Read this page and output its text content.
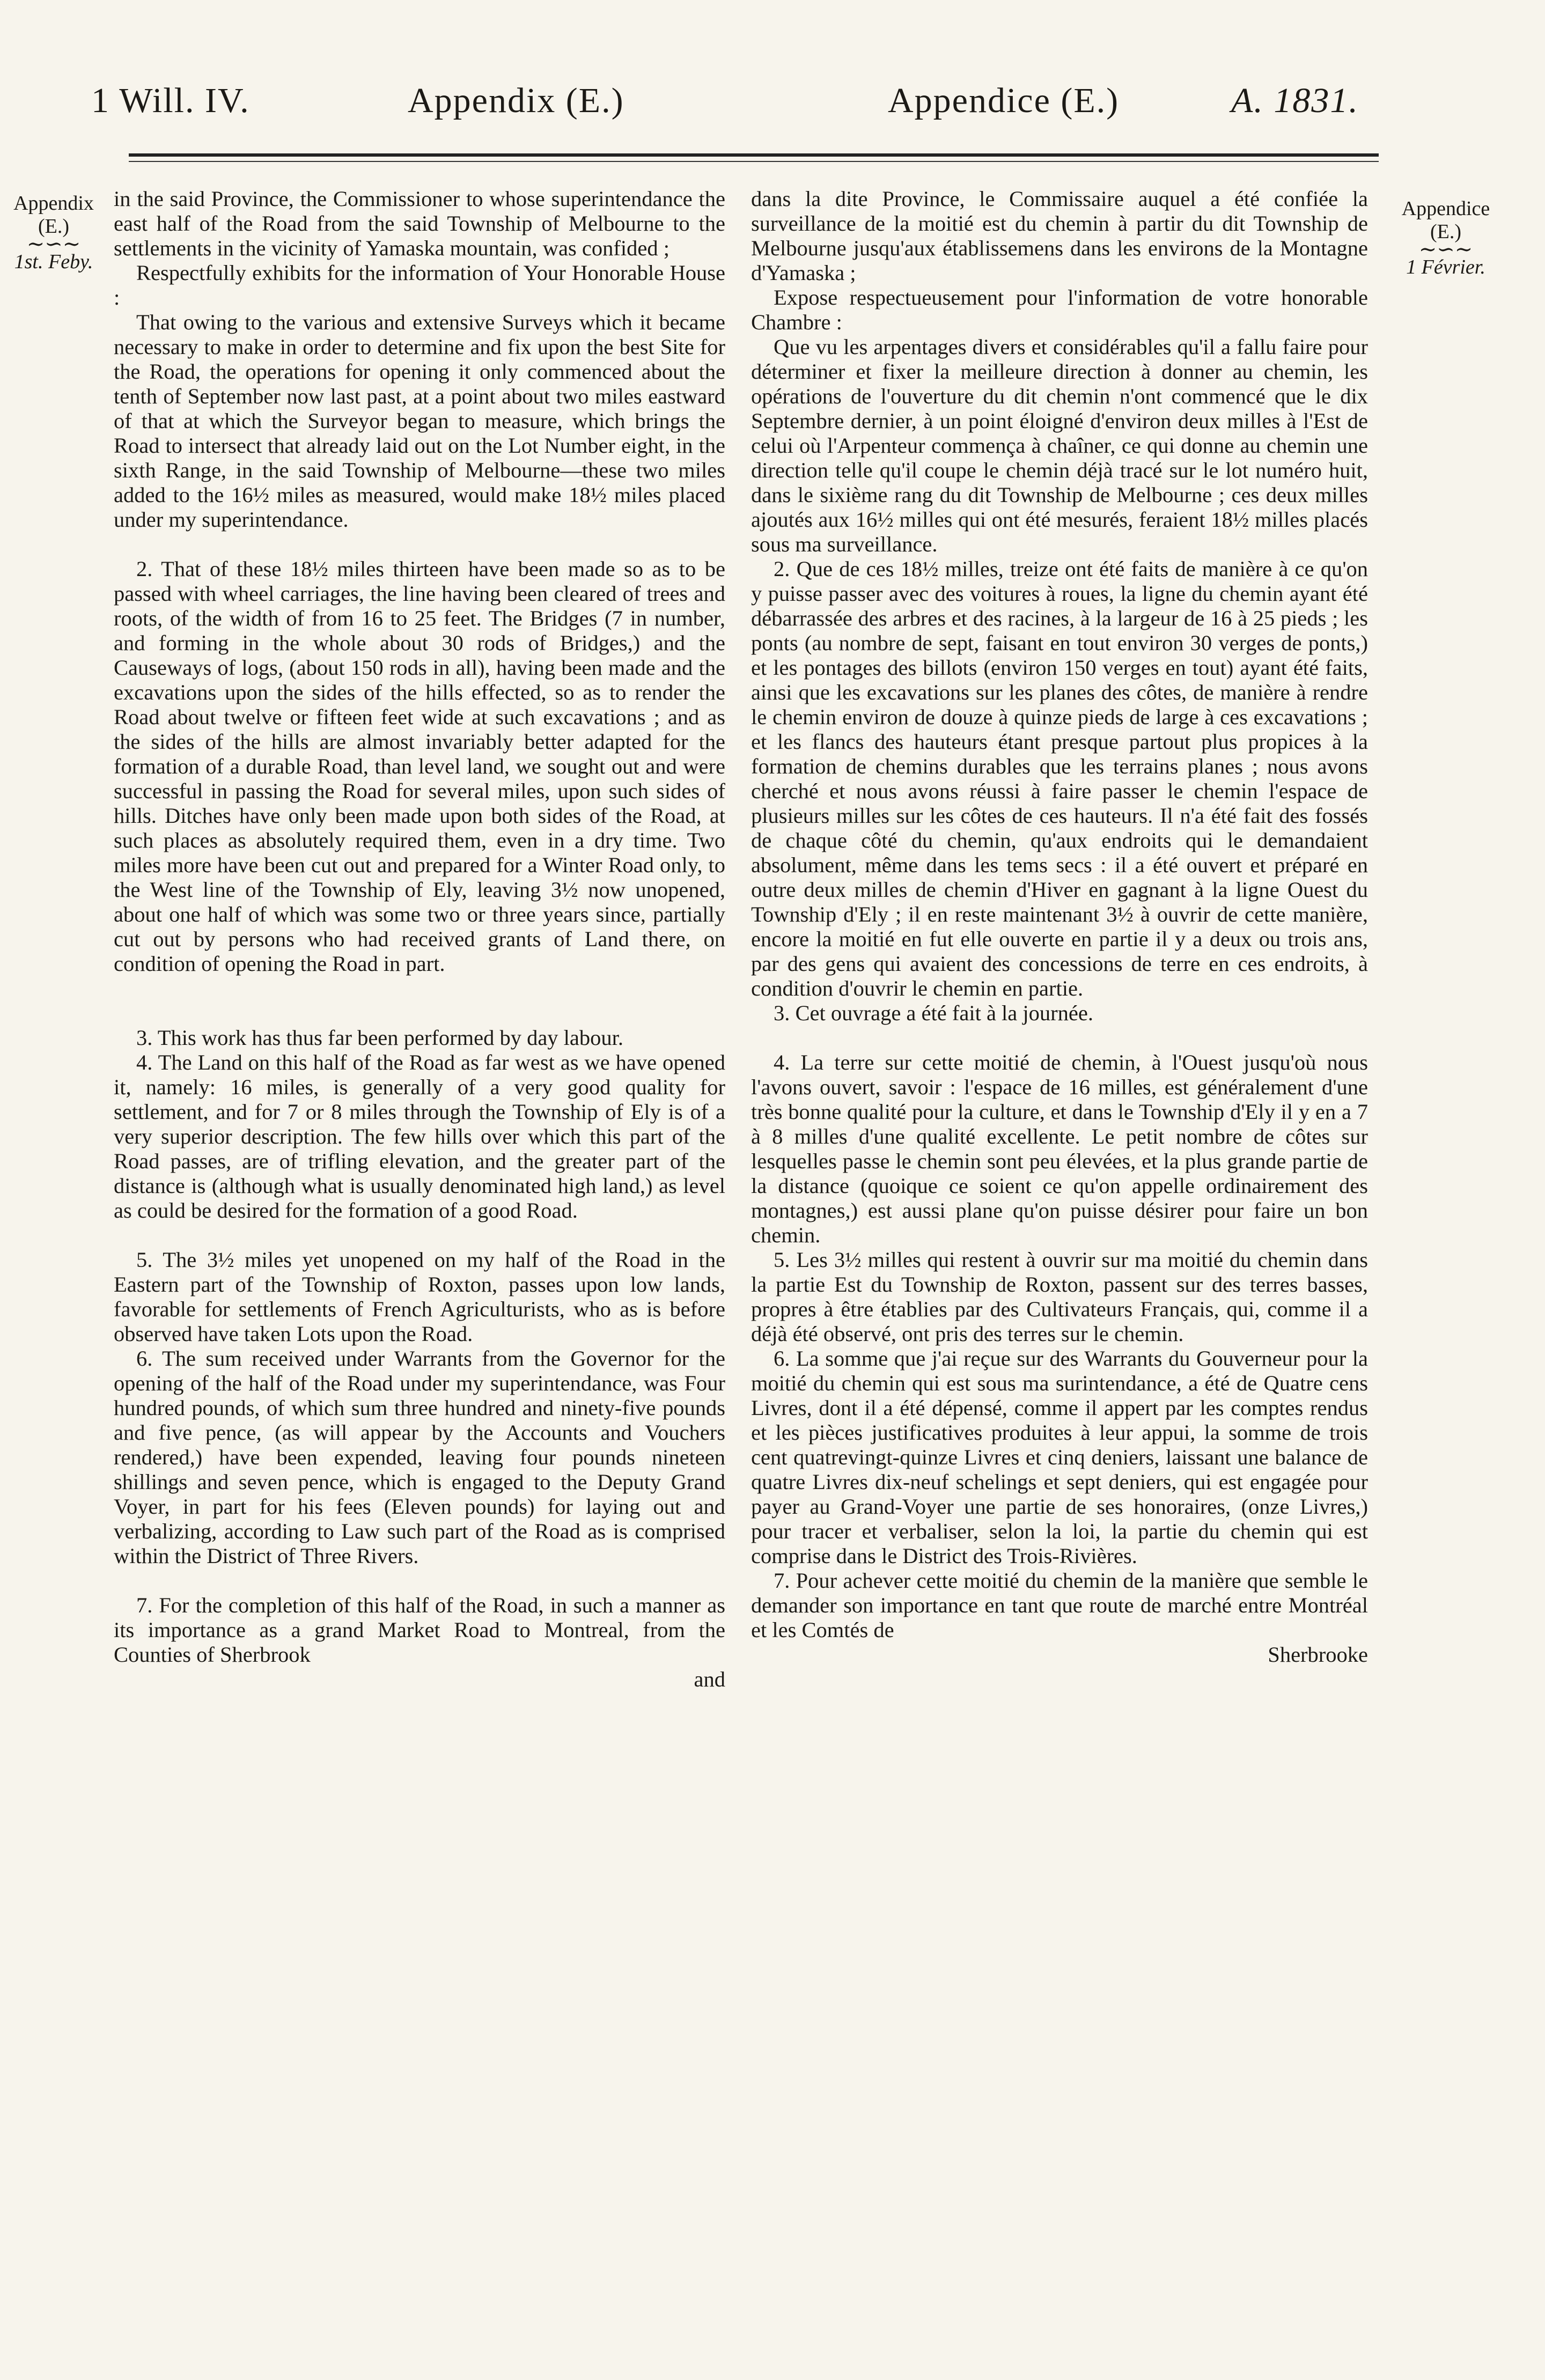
1 Will. IV.	Appendix (E.)	Appendice (E.)	A. 1831.
Appendix
(E.)
∼∽∼
1st. Feby.
Appendice
(E.)
∼∽∼
1 Février.

in the said Province, the Commissioner to whose superintendance the east half of the Road from the said Township of Melbourne to the settlements in the vicinity of Yamaska mountain, was confided ;

Respectfully exhibits for the information of Your Honorable House :

That owing to the various and extensive Surveys which it became necessary to make in order to determine and fix upon the best Site for the Road, the operations for opening it only commenced about the tenth of September now last past, at a point about two miles eastward of that at which the Surveyor began to measure, which brings the Road to intersect that already laid out on the Lot Number eight, in the sixth Range, in the said Township of Melbourne—these two miles added to the 16½ miles as measured, would make 18½ miles placed under my superintendance.

2. That of these 18½ miles thirteen have been made so as to be passed with wheel carriages, the line having been cleared of trees and roots, of the width of from 16 to 25 feet. The Bridges (7 in number, and forming in the whole about 30 rods of Bridges,) and the Causeways of logs, (about 150 rods in all), having been made and the excavations upon the sides of the hills effected, so as to render the Road about twelve or fifteen feet wide at such excavations ; and as the sides of the hills are almost invariably better adapted for the formation of a durable Road, than level land, we sought out and were successful in passing the Road for several miles, upon such sides of hills. Ditches have only been made upon both sides of the Road, at such places as absolutely required them, even in a dry time. Two miles more have been cut out and prepared for a Winter Road only, to the West line of the Township of Ely, leaving 3½ now unopened, about one half of which was some two or three years since, partially cut out by persons who had received grants of Land there, on condition of opening the Road in part.

3. This work has thus far been performed by day labour.

4. The Land on this half of the Road as far west as we have opened it, namely: 16 miles, is generally of a very good quality for settlement, and for 7 or 8 miles through the Township of Ely is of a very superior description. The few hills over which this part of the Road passes, are of trifling elevation, and the greater part of the distance is (although what is usually denominated high land,) as level as could be desired for the formation of a good Road.

5. The 3½ miles yet unopened on my half of the Road in the Eastern part of the Township of Roxton, passes upon low lands, favorable for settlements of French Agriculturists, who as is before observed have taken Lots upon the Road.

6. The sum received under Warrants from the Governor for the opening of the half of the Road under my superintendance, was Four hundred pounds, of which sum three hundred and ninety-five pounds and five pence, (as will appear by the Accounts and Vouchers rendered,) have been expended, leaving four pounds nineteen shillings and seven pence, which is engaged to the Deputy Grand Voyer, in part for his fees (Eleven pounds) for laying out and verbalizing, according to Law such part of the Road as is comprised within the District of Three Rivers.

7. For the completion of this half of the Road, in such a manner as its importance as a grand Market Road to Montreal, from the Counties of Sherbrook

and

dans la dite Province, le Commissaire auquel a été confiée la surveillance de la moitié est du chemin à partir du dit Township de Melbourne jusqu'aux établissemens dans les environs de la Montagne d'Yamaska ;

Expose respectueusement pour l'information de votre honorable Chambre :

Que vu les arpentages divers et considérables qu'il a fallu faire pour déterminer et fixer la meilleure direction à donner au chemin, les opérations de l'ouverture du dit chemin n'ont commencé que le dix Septembre dernier, à un point éloigné d'environ deux milles à l'Est de celui où l'Arpenteur commença à chaîner, ce qui donne au chemin une direction telle qu'il coupe le chemin déjà tracé sur le lot numéro huit, dans le sixième rang du dit Township de Melbourne ; ces deux milles ajoutés aux 16½ milles qui ont été mesurés, feraient 18½ milles placés sous ma surveillance.

2. Que de ces 18½ milles, treize ont été faits de manière à ce qu'on y puisse passer avec des voitures à roues, la ligne du chemin ayant été débarrassée des arbres et des racines, à la largeur de 16 à 25 pieds ; les ponts (au nombre de sept, faisant en tout environ 30 verges de ponts,) et les pontages des billots (environ 150 verges en tout) ayant été faits, ainsi que les excavations sur les planes des côtes, de manière à rendre le chemin environ de douze à quinze pieds de large à ces excavations ; et les flancs des hauteurs étant presque partout plus propices à la formation de chemins durables que les terrains planes ; nous avons cherché et nous avons réussi à faire passer le chemin l'espace de plusieurs milles sur les côtes de ces hauteurs. Il n'a été fait des fossés de chaque côté du chemin, qu'aux endroits qui le demandaient absolument, même dans les tems secs : il a été ouvert et préparé en outre deux milles de chemin d'Hiver en gagnant à la ligne Ouest du Township d'Ely ; il en reste maintenant 3½ à ouvrir de cette manière, encore la moitié en fut elle ouverte en partie il y a deux ou trois ans, par des gens qui avaient des concessions de terre en ces endroits, à condition d'ouvrir le chemin en partie.

3. Cet ouvrage a été fait à la journée.

4. La terre sur cette moitié de chemin, à l'Ouest jusqu'où nous l'avons ouvert, savoir : l'espace de 16 milles, est généralement d'une très bonne qualité pour la culture, et dans le Township d'Ely il y en a 7 à 8 milles d'une qualité excellente. Le petit nombre de côtes sur lesquelles passe le chemin sont peu élevées, et la plus grande partie de la distance (quoique ce soient ce qu'on appelle ordinairement des montagnes,) est aussi plane qu'on puisse désirer pour faire un bon chemin.

5. Les 3½ milles qui restent à ouvrir sur ma moitié du chemin dans la partie Est du Township de Roxton, passent sur des terres basses, propres à être établies par des Cultivateurs Français, qui, comme il a déjà été observé, ont pris des terres sur le chemin.

6. La somme que j'ai reçue sur des Warrants du Gouverneur pour la moitié du chemin qui est sous ma surintendance, a été de Quatre cens Livres, dont il a été dépensé, comme il appert par les comptes rendus et les pièces justificatives produites à leur appui, la somme de trois cent quatrevingt-quinze Livres et cinq deniers, laissant une balance de quatre Livres dix-neuf schelings et sept deniers, qui est engagée pour payer au Grand-Voyer une partie de ses honoraires, (onze Livres,) pour tracer et verbaliser, selon la loi, la partie du chemin qui est comprise dans le District des Trois-Rivières.

7. Pour achever cette moitié du chemin de la manière que semble le demander son importance en tant que route de marché entre Montréal et les Comtés de

Sherbrooke
